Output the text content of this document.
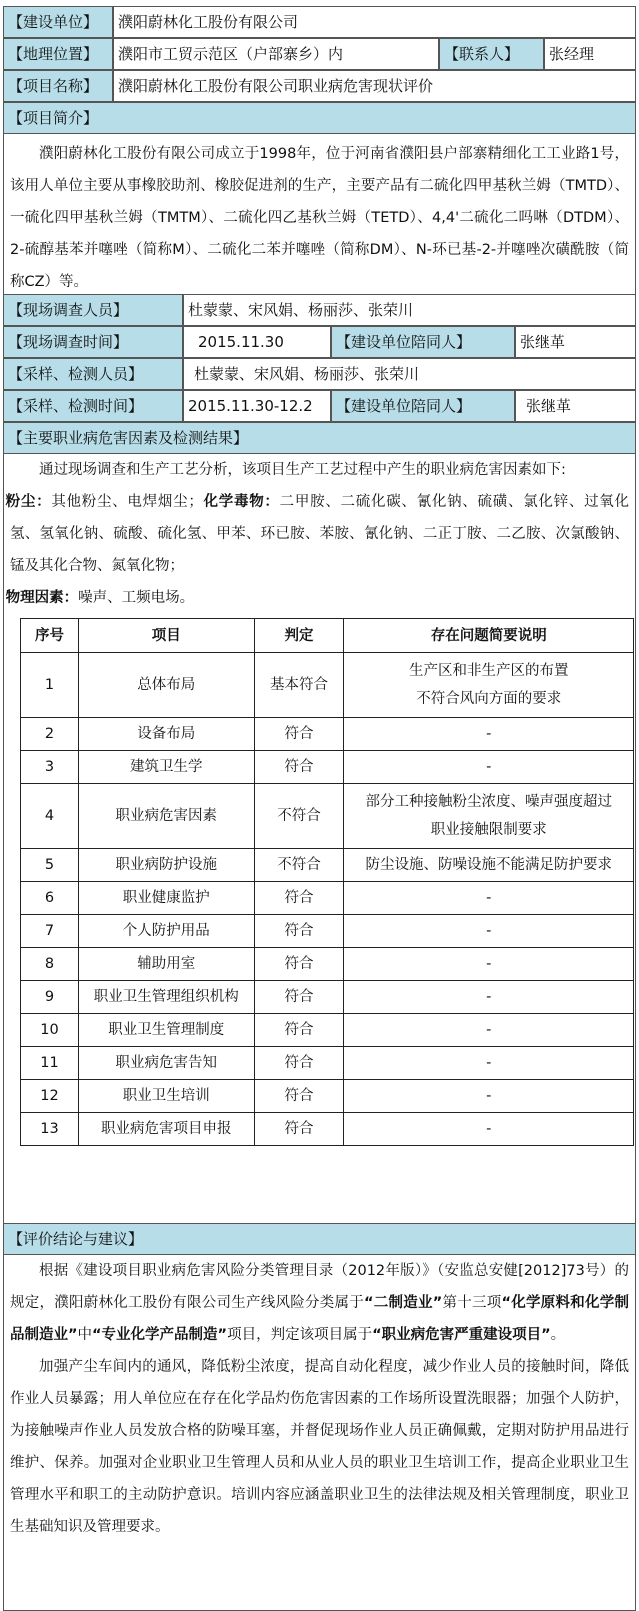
【建设单位】	濮阳蔚林化工股份有限公司
【地理位置】	濮阳市工贸示范区（户部寨乡）内	【联系人】	张经理
【项目名称】	濮阳蔚林化工股份有限公司职业病危害现状评价
【项目简介】
濮阳蔚林化工股份有限公司成立于1998年，位于河南省濮阳县户部寨精细化工工业路1号，该用人单位主要从事橡胶助剂、橡胶促进剂的生产，主要产品有二硫化四甲基秋兰姆（TMTD）、一硫化四甲基秋兰姆（TMTM）、二硫化四乙基秋兰姆（TETD）、4,4'二硫化二吗啉（DTDM）、2-硫醇基苯并噻唑（简称M）、二硫化二苯并噻唑（简称DM）、N-环已基-2-并噻唑次磺酰胺（简称CZ）等。
【现场调查人员】	杜蒙蒙、宋风娟、杨丽莎、张荣川
【现场调查时间】	2015.11.30	【建设单位陪同人】	张继革
【采样、检测人员】	杜蒙蒙、宋风娟、杨丽莎、张荣川
【采样、检测时间】	2015.11.30-12.2	【建设单位陪同人】	张继革
【主要职业病危害因素及检测结果】
通过现场调查和生产工艺分析，该项目生产工艺过程中产生的职业病危害因素如下:
粉尘：其他粉尘、电焊烟尘；化学毒物：二甲胺、二硫化碳、氰化钠、硫磺、氯化锌、过氧化氢、氢氧化钠、硫酸、硫化氢、甲苯、环已胺、苯胺、氰化钠、二正丁胺、二乙胺、次氯酸钠、锰及其化合物、氮氧化物；
物理因素：噪声、工频电场。
序号	项目	判定	存在问题简要说明
1	总体布局	基本符合	生产区和非生产区的布置
不符合风向方面的要求

2	设备布局	符合	-
3	建筑卫生学	符合	-
4	职业病危害因素	不符合	部分工种接触粉尘浓度、噪声强度超过
职业接触限制要求

5	职业病防护设施	不符合	防尘设施、防噪设施不能满足防护要求
6	职业健康监护	符合	-
7	个人防护用品	符合	-
8	辅助用室	符合	-
9	职业卫生管理组织机构	符合	-
10	职业卫生管理制度	符合	-
11	职业病危害告知	符合	-
12	职业卫生培训	符合	-
13	职业病危害项目申报	符合	-
【评价结论与建议】
根据《建设项目职业病危害风险分类管理目录（2012年版）》（安监总安健[2012]73号）的规定，濮阳蔚林化工股份有限公司生产线风险分类属于“二制造业”第十三项“化学原料和化学制品制造业”中“专业化学产品制造”项目，判定该项目属于“职业病危害严重建设项目”。
加强产尘车间内的通风，降低粉尘浓度，提高自动化程度，减少作业人员的接触时间，降低作业人员暴露；用人单位应在存在化学品灼伤危害因素的工作场所设置洗眼器；加强个人防护，为接触噪声作业人员发放合格的防噪耳塞，并督促现场作业人员正确佩戴，定期对防护用品进行维护、保养。加强对企业职业卫生管理人员和从业人员的职业卫生培训工作，提高企业职业卫生管理水平和职工的主动防护意识。培训内容应涵盖职业卫生的法律法规及相关管理制度，职业卫生基础知识及管理要求。
